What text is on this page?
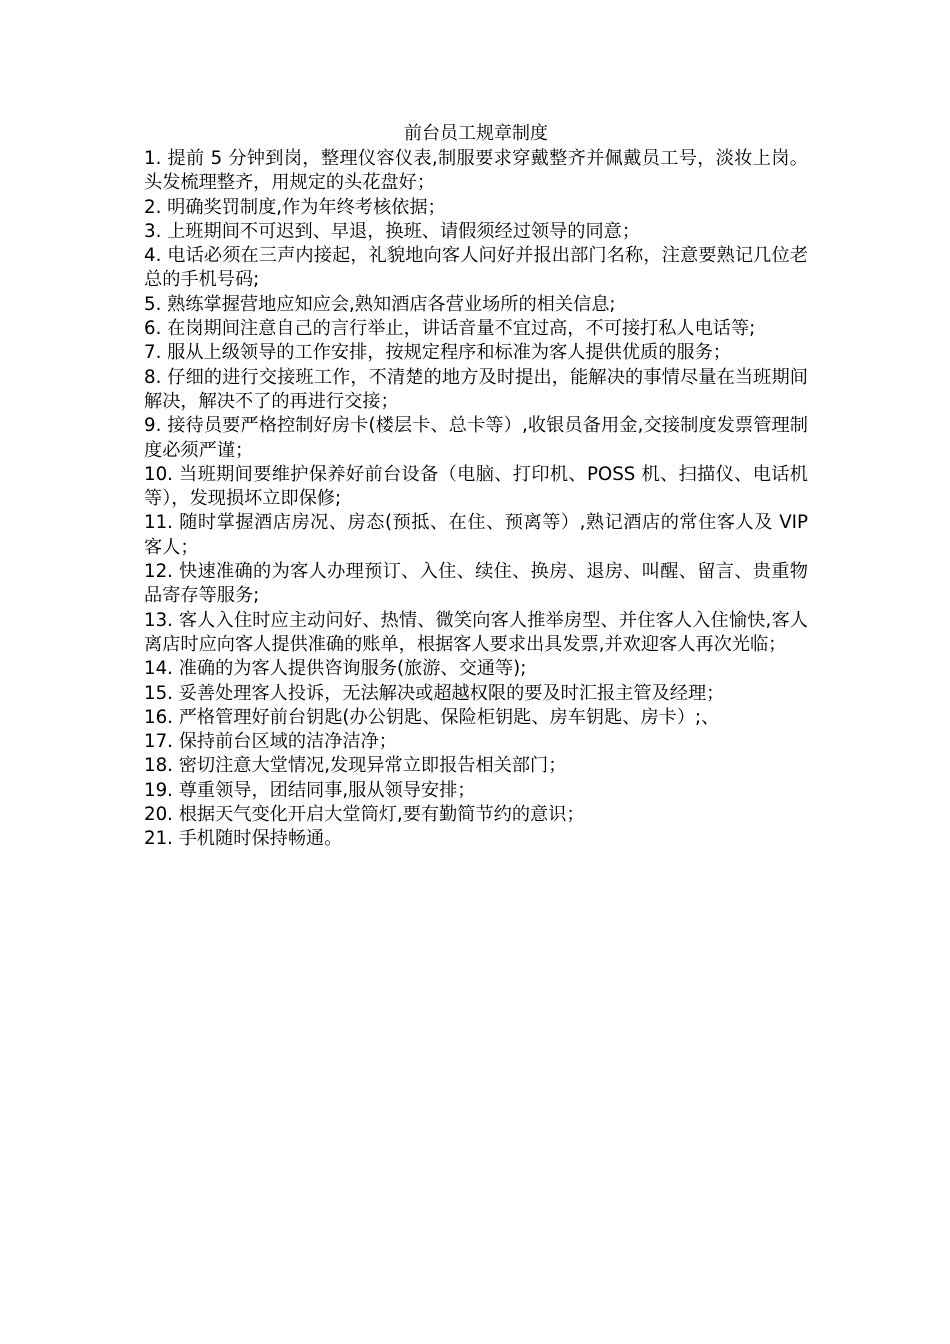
前台员工规章制度
1. 提前 5 分钟到岗，整理仪容仪表,制服要求穿戴整齐并佩戴员工号，淡妆上岗。头发梳理整齐，用规定的头花盘好；
2. 明确奖罚制度,作为年终考核依据；
3. 上班期间不可迟到、早退，换班、请假须经过领导的同意；
4. 电话必须在三声内接起，礼貌地向客人问好并报出部门名称，注意要熟记几位老总的手机号码;
5. 熟练掌握营地应知应会,熟知酒店各营业场所的相关信息;
6. 在岗期间注意自己的言行举止，讲话音量不宜过高，不可接打私人电话等;
7. 服从上级领导的工作安排，按规定程序和标准为客人提供优质的服务；
8. 仔细的进行交接班工作，不清楚的地方及时提出，能解决的事情尽量在当班期间解决，解决不了的再进行交接；
9. 接待员要严格控制好房卡(楼层卡、总卡等）,收银员备用金,交接制度发票管理制度必须严谨；
10. 当班期间要维护保养好前台设备（电脑、打印机、POSS 机、扫描仪、电话机等），发现损坏立即保修;
11. 随时掌握酒店房况、房态(预抵、在住、预离等）,熟记酒店的常住客人及 VIP 客人；
12. 快速准确的为客人办理预订、入住、续住、换房、退房、叫醒、留言、贵重物品寄存等服务;
13. 客人入住时应主动问好、热情、微笑向客人推举房型、并住客人入住愉快,客人离店时应向客人提供准确的账单，根据客人要求出具发票,并欢迎客人再次光临；
14. 准确的为客人提供咨询服务(旅游、交通等);
15. 妥善处理客人投诉，无法解决或超越权限的要及时汇报主管及经理；
16. 严格管理好前台钥匙(办公钥匙、保险柜钥匙、房车钥匙、房卡）;、
17. 保持前台区域的洁净洁净；
18. 密切注意大堂情况,发现异常立即报告相关部门；
19. 尊重领导，团结同事,服从领导安排；
20. 根据天气变化开启大堂筒灯,要有勤简节约的意识；
21. 手机随时保持畅通。
